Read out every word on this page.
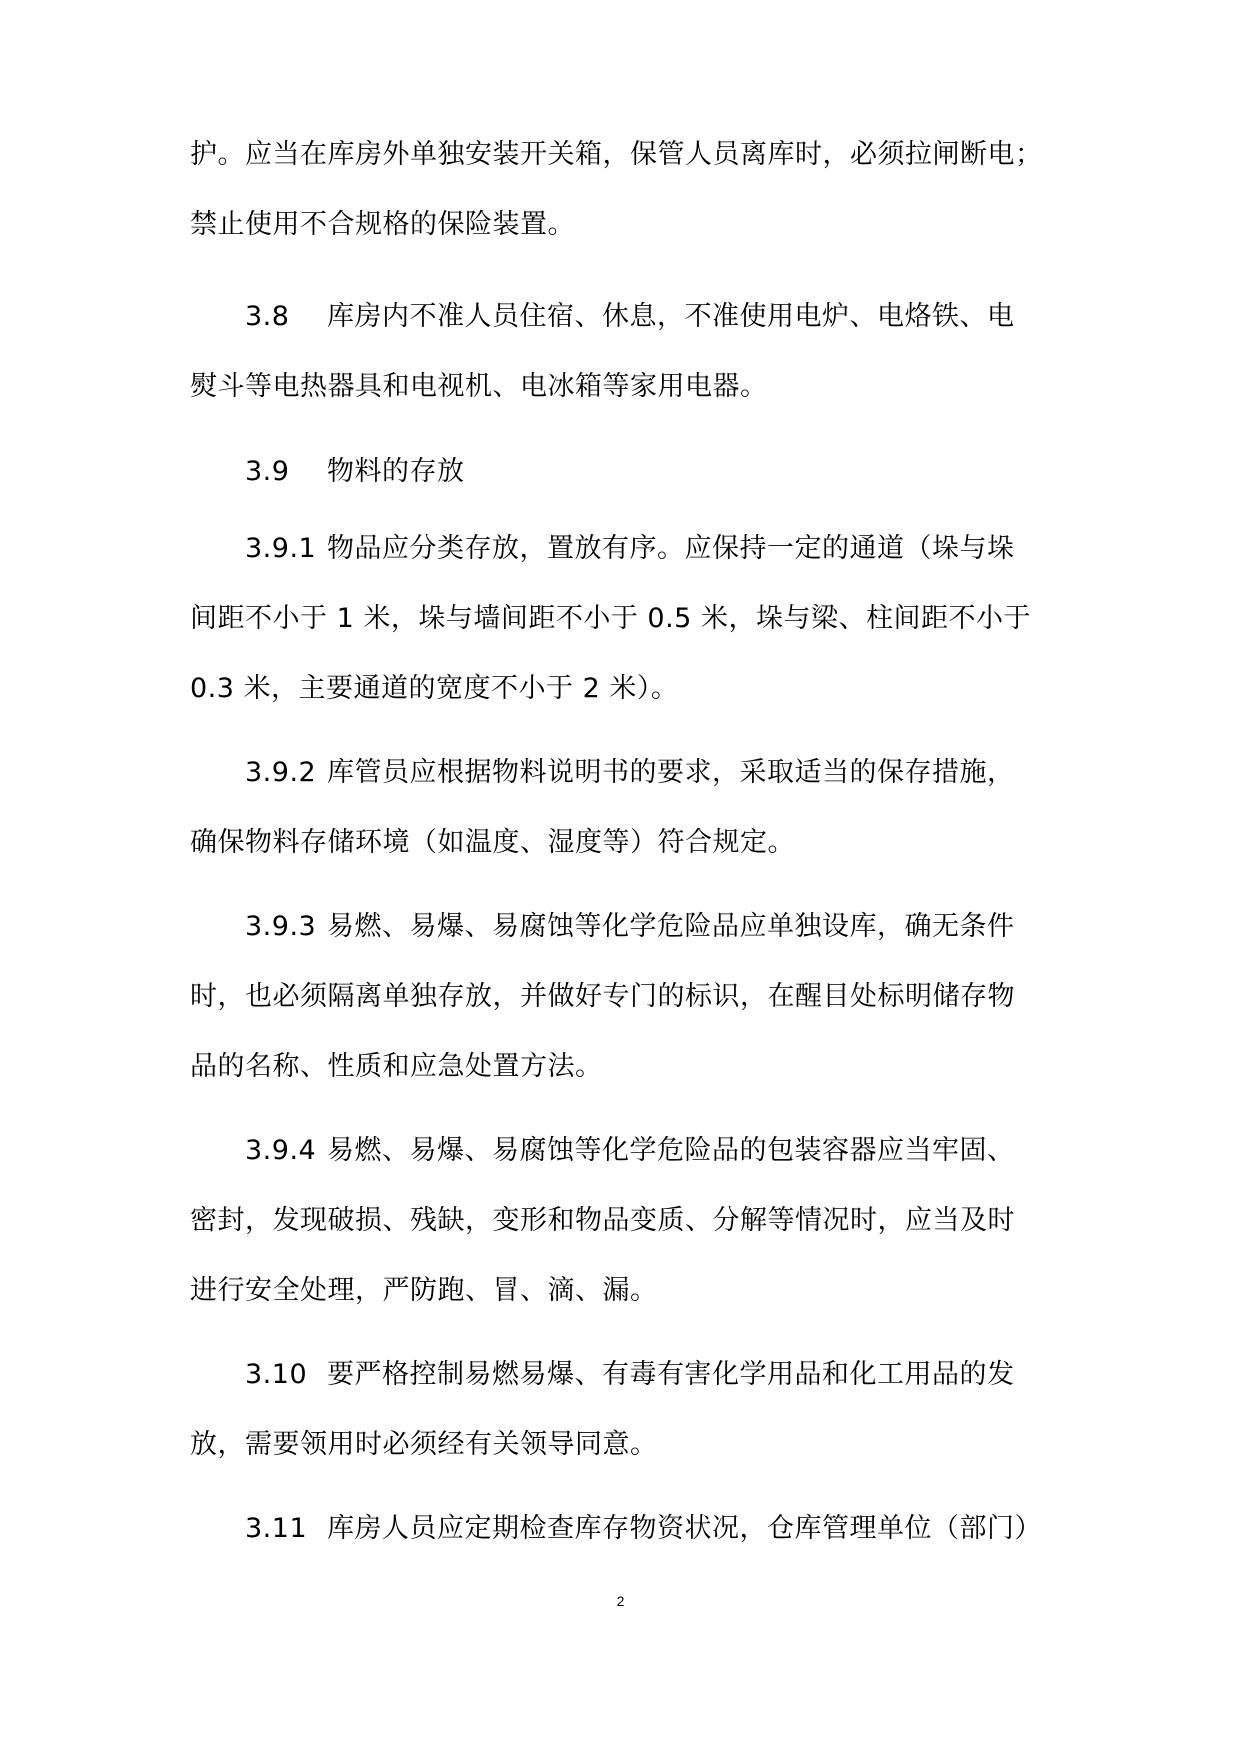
护。应当在库房外单独安装开关箱，保管人员离库时，必须拉闸断电；
禁止使用不合规格的保险装置。
3.8 库房内不准人员住宿、休息，不准使用电炉、电烙铁、电
熨斗等电热器具和电视机、电冰箱等家用电器。
3.9 物料的存放
3.9.1 物品应分类存放，置放有序。应保持一定的通道（垛与垛
间距不小于 1 米，垛与墙间距不小于 0.5 米，垛与梁、柱间距不小于
0.3 米，主要通道的宽度不小于 2 米）。
3.9.2 库管员应根据物料说明书的要求，采取适当的保存措施，
确保物料存储环境（如温度、湿度等）符合规定。
3.9.3 易燃、易爆、易腐蚀等化学危险品应单独设库，确无条件
时，也必须隔离单独存放，并做好专门的标识，在醒目处标明储存物
品的名称、性质和应急处置方法。
3.9.4 易燃、易爆、易腐蚀等化学危险品的包装容器应当牢固、
密封，发现破损、残缺，变形和物品变质、分解等情况时，应当及时
进行安全处理，严防跑、冒、滴、漏。
3.10 要严格控制易燃易爆、有毒有害化学用品和化工用品的发
放，需要领用时必须经有关领导同意。
3.11 库房人员应定期检查库存物资状况，仓库管理单位（部门）
2
